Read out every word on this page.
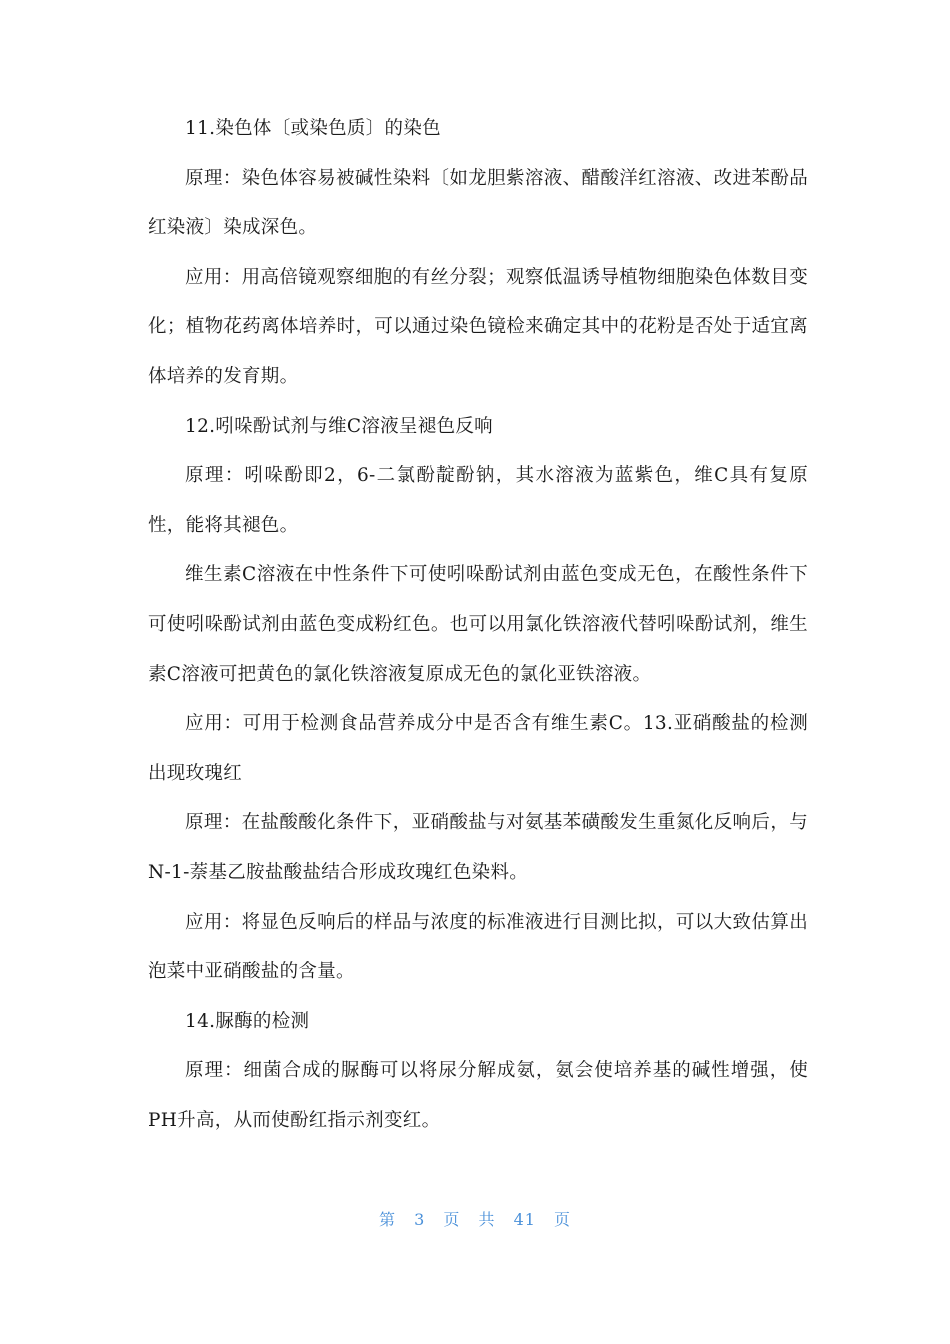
11.染色体〔或染色质〕的染色

原理：染色体容易被碱性染料〔如龙胆紫溶液、醋酸洋红溶液、改进苯酚品红染液〕染成深色。

应用：用高倍镜观察细胞的有丝分裂；观察低温诱导植物细胞染色体数目变化；植物花药离体培养时，可以通过染色镜检来确定其中的花粉是否处于适宜离体培养的发育期。

12.吲哚酚试剂与维C溶液呈褪色反响

原理：吲哚酚即2，6-二氯酚靛酚钠，其水溶液为蓝紫色，维C具有复原性，能将其褪色。

维生素C溶液在中性条件下可使吲哚酚试剂由蓝色变成无色，在酸性条件下可使吲哚酚试剂由蓝色变成粉红色。也可以用氯化铁溶液代替吲哚酚试剂，维生素C溶液可把黄色的氯化铁溶液复原成无色的氯化亚铁溶液。

应用：可用于检测食品营养成分中是否含有维生素C。13.亚硝酸盐的检测出现玫瑰红

原理：在盐酸酸化条件下，亚硝酸盐与对氨基苯磺酸发生重氮化反响后，与N-1-萘基乙胺盐酸盐结合形成玫瑰红色染料。

应用：将显色反响后的样品与浓度的标准液进行目测比拟，可以大致估算出泡菜中亚硝酸盐的含量。

14.脲酶的检测

原理：细菌合成的脲酶可以将尿分解成氨，氨会使培养基的碱性增强，使PH升高，从而使酚红指示剂变红。

第 3 页 共 41 页
